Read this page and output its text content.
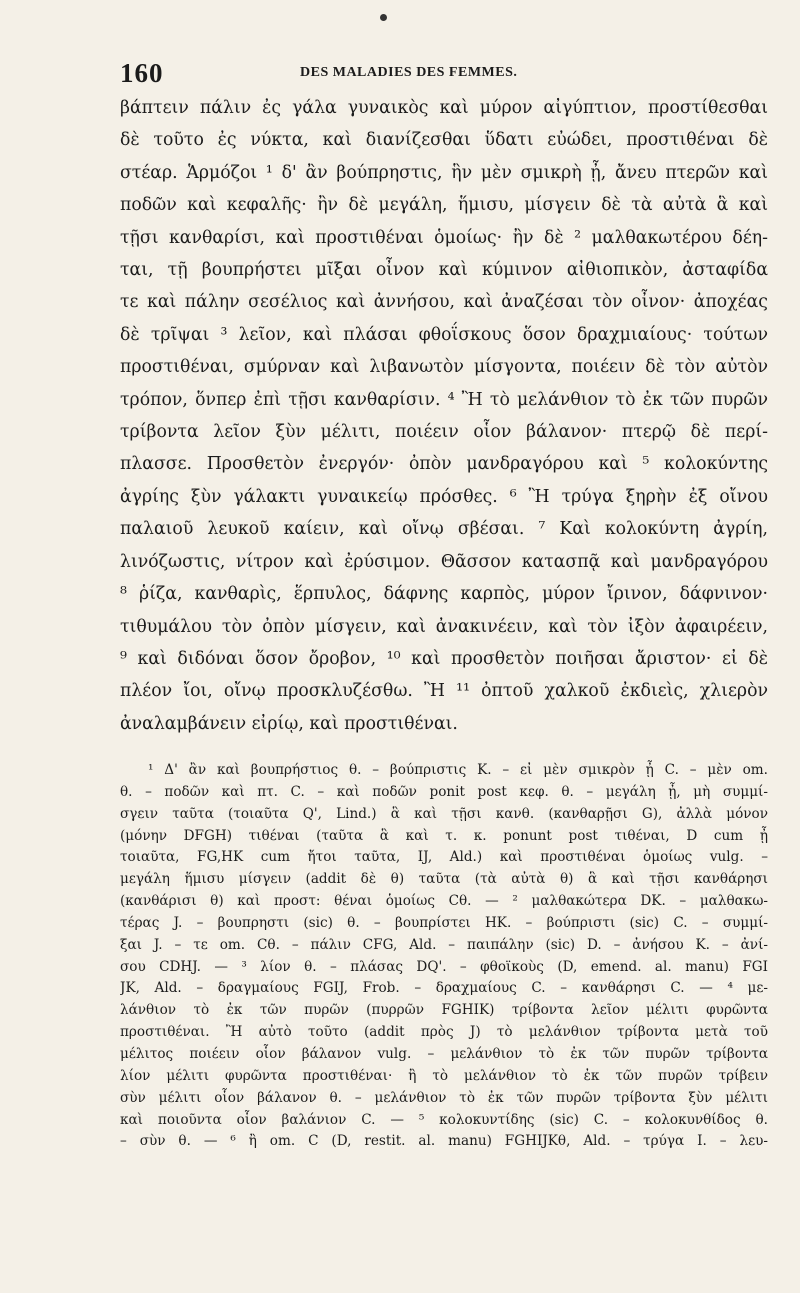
160	DES MALADIES DES FEMMES.
βάπτειν πάλιν ἐς γάλα γυναικὸς καὶ μύρον αἰγύπτιον, προστίθεσθαι
δὲ τοῦτο ἐς νύκτα, καὶ διανίζεσθαι ὕδατι εὐώδει, προστιθέναι δὲ
στέαρ. Ἁρμόζοι ¹ δ' ἂν βούπρηστις, ἣν μὲν σμικρὴ ᾖ, ἄνευ πτερῶν καὶ
ποδῶν καὶ κεφαλῆς· ἢν δὲ μεγάλη, ἥμισυ, μίσγειν δὲ τὰ αὐτὰ ἃ καὶ
τῇσι κανθαρίσι, καὶ προστιθέναι ὁμοίως· ἢν δὲ ² μαλθακωτέρου δέη-
ται, τῇ βουπρήστει μῖξαι οἶνον καὶ κύμινον αἰθιοπικὸν, ἀσταφίδα
τε καὶ πάλην σεσέλιος καὶ ἀννήσου, καὶ ἀναζέσαι τὸν οἶνον· ἀποχέας
δὲ τρῖψαι ³ λεῖον, καὶ πλάσαι φθοΐσκους ὅσον δραχμιαίους· τούτων
προστιθέναι, σμύρναν καὶ λιβανωτὸν μίσγοντα, ποιέειν δὲ τὸν αὐτὸν
τρόπον, ὅνπερ ἐπὶ τῇσι κανθαρίσιν. ⁴ Ἢ τὸ μελάνθιον τὸ ἐκ τῶν πυρῶν
τρίβοντα λεῖον ξὺν μέλιτι, ποιέειν οἷον βάλανον· πτερῷ δὲ περί-
πλασσε. Προσθετὸν ἐνεργόν· ὀπὸν μανδραγόρου καὶ ⁵ κολοκύντης
ἀγρίης ξὺν γάλακτι γυναικείῳ πρόσθες. ⁶ Ἢ τρύγα ξηρὴν ἐξ οἴνου
παλαιοῦ λευκοῦ καίειν, καὶ οἴνῳ σβέσαι. ⁷ Καὶ κολοκύντη ἀγρίη,
λινόζωστις, νίτρον καὶ ἐρύσιμον. Θᾶσσον κατασπᾷ καὶ μανδραγόρου
⁸ ῥίζα, κανθαρὶς, ἕρπυλος, δάφνης καρπὸς, μύρον ἴρινον, δάφνινον·
τιθυμάλου τὸν ὀπὸν μίσγειν, καὶ ἀνακινέειν, καὶ τὸν ἰξὸν ἀφαιρέειν,
⁹ καὶ διδόναι ὅσον ὄροβον, ¹⁰ καὶ προσθετὸν ποιῆσαι ἄριστον· εἰ δὲ
πλέον ἴοι, οἴνῳ προσκλυζέσθω. Ἢ ¹¹ ὀπτοῦ χαλκοῦ ἐκδιεὶς, χλιερὸν
ἀναλαμβάνειν εἰρίῳ, καὶ προστιθέναι.
¹ Δ' ἂν καὶ βουπρήστιος θ. – βούπριστις K. – εἰ μὲν σμικρὸν ᾖ C. – μὲν om.
θ. – ποδῶν καὶ πτ. C. – καὶ ποδῶν ponit post κεφ. θ. – μεγάλη ᾖ, μὴ συμμί-
σγειν ταῦτα (τοιαῦτα Q', Lind.) ἃ καὶ τῇσι κανθ. (κανθαρῇσι G), ἀλλὰ μόνον
(μόνην DFGH) τιθέναι (ταῦτα ἃ καὶ τ. κ. ponunt post τιθέναι, D cum ᾖ
τοιαῦτα, FG,HK cum ἤτοι ταῦτα, IJ, Ald.) καὶ προστιθέναι ὁμοίως vulg. –
μεγάλη ἥμισυ μίσγειν (addit δὲ θ) ταῦτα (τὰ αὐτὰ θ) ἃ καὶ τῇσι κανθάρησι
(κανθάρισι θ) καὶ προστ: θέναι ὁμοίως Cθ. — ² μαλθακώτερα DK. – μαλθακω-
τέρας J. – βουπρηστι (sic) θ. – βουπρίστει HK. – βούπριστι (sic) C. – συμμί-
ξαι J. – τε om. Cθ. – πάλιν CFG, Ald. – παιπάλην (sic) D. – ἀνήσου K. – ἀνί-
σου CDHJ. — ³ λίον θ. – πλάσας DQ'. – φθοϊκοὺς (D, emend. al. manu) FGI
JK, Ald. – δραγμαίους FGIJ, Frob. – δραχμαίους C. – κανθάρησι C. — ⁴ με-
λάνθιον τὸ ἐκ τῶν πυρῶν (πυρρῶν FGHIK) τρίβοντα λεῖον μέλιτι φυρῶντα
προστιθέναι. Ἢ αὐτὸ τοῦτο (addit πρὸς J) τὸ μελάνθιον τρίβοντα μετὰ τοῦ
μέλιτος ποιέειν οἷον βάλανον vulg. – μελάνθιον τὸ ἐκ τῶν πυρῶν τρίβοντα
λίον μέλιτι φυρῶντα προστιθέναι· ἢ τὸ μελάνθιον τὸ ἐκ τῶν πυρῶν τρίβειν
σὺν μέλιτι οἷον βάλανον θ. – μελάνθιον τὸ ἐκ τῶν πυρῶν τρίβοντα ξὺν μέλιτι
καὶ ποιοῦντα οἷον βαλάνιον C. — ⁵ κολοκυντίδης (sic) C. – κολοκυνθίδος θ.
– σὺν θ. — ⁶ ἢ om. C (D, restit. al. manu) FGHIJKθ, Ald. – τρύγα I. – λευ-
